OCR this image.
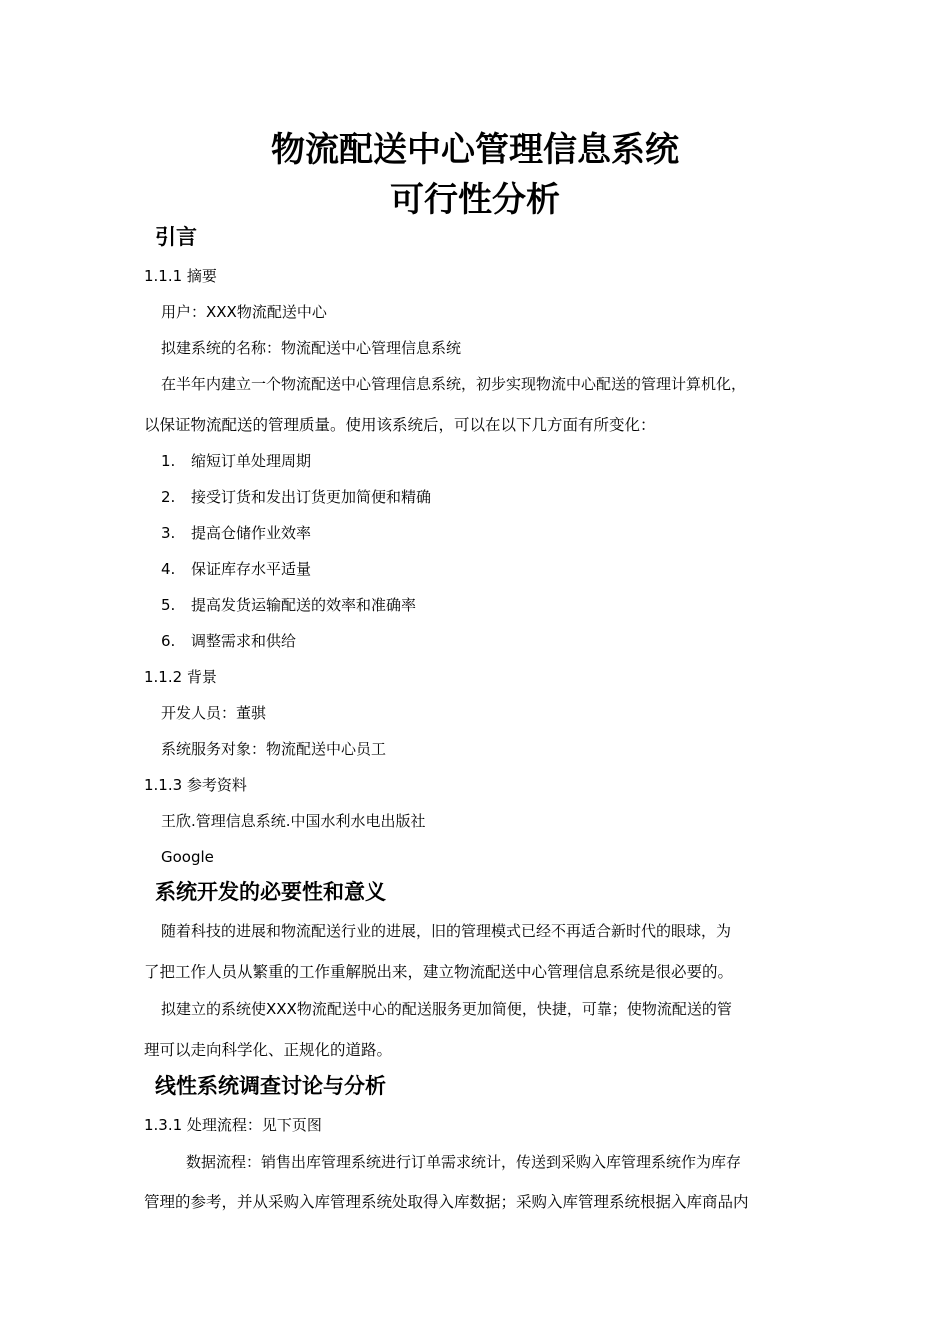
物流配送中心管理信息系统
可行性分析
引言
1.1.1 摘要
用户：XXX物流配送中心
拟建系统的名称：物流配送中心管理信息系统
在半年内建立一个物流配送中心管理信息系统，初步实现物流中心配送的管理计算机化，
以保证物流配送的管理质量。使用该系统后，可以在以下几方面有所变化：
1. 缩短订单处理周期
2. 接受订货和发出订货更加简便和精确
3. 提高仓储作业效率
4. 保证库存水平适量
5. 提高发货运输配送的效率和准确率
6. 调整需求和供给
1.1.2 背景
开发人员：董骐
系统服务对象：物流配送中心员工
1.1.3 参考资料
王欣.管理信息系统.中国水利水电出版社
Google
系统开发的必要性和意义
随着科技的进展和物流配送行业的进展，旧的管理模式已经不再适合新时代的眼球，为
了把工作人员从繁重的工作重解脱出来，建立物流配送中心管理信息系统是很必要的。
拟建立的系统使XXX物流配送中心的配送服务更加简便，快捷，可靠；使物流配送的管
理可以走向科学化、正规化的道路。
线性系统调查讨论与分析
1.3.1 处理流程：见下页图
数据流程：销售出库管理系统进行订单需求统计，传送到采购入库管理系统作为库存
管理的参考，并从采购入库管理系统处取得入库数据；采购入库管理系统根据入库商品内
